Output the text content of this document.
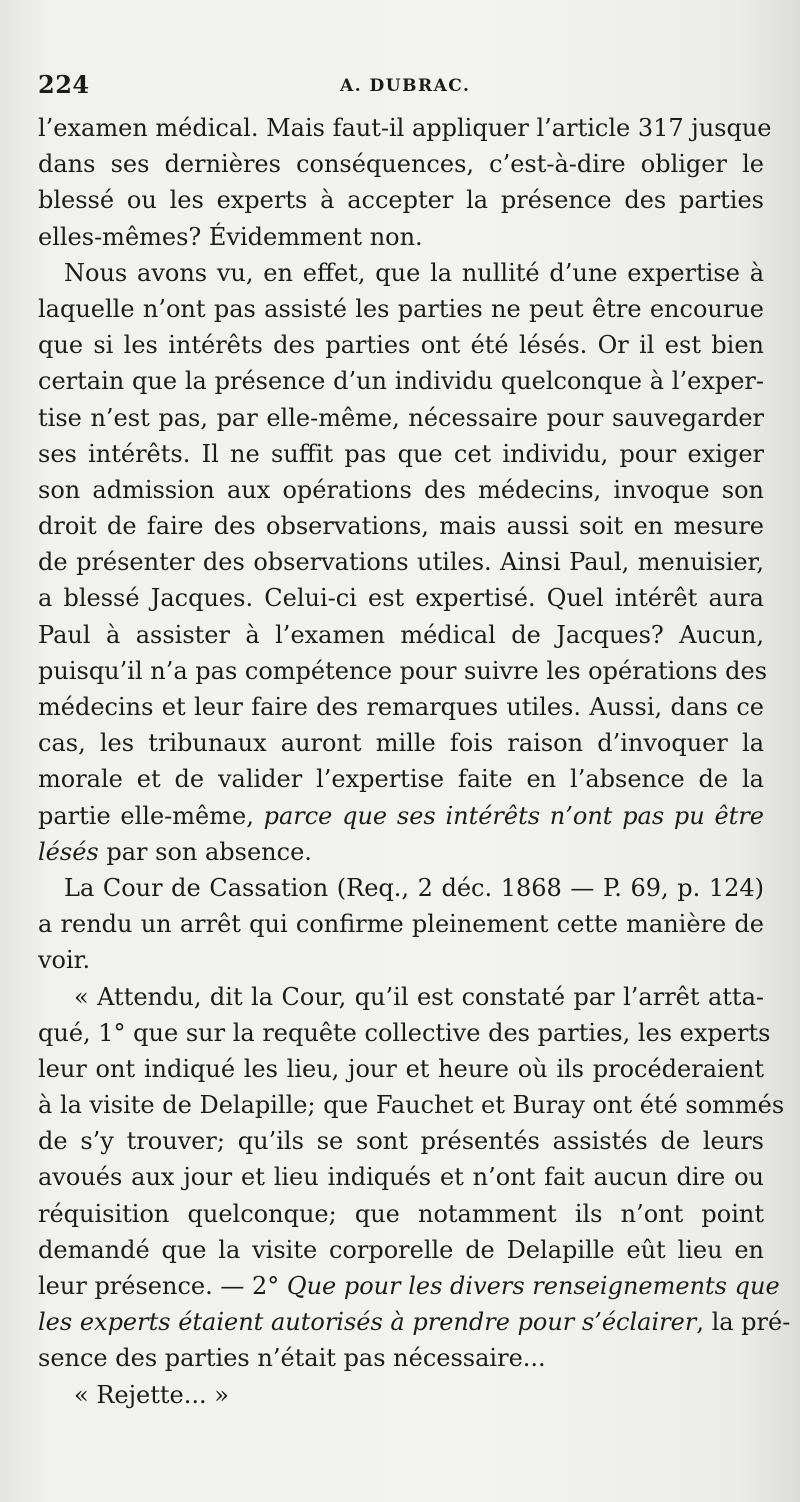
224	A. DUBRAC.
l’examen médical. Mais faut-il appliquer l’article 317 jusque
dans ses dernières conséquences, c’est-à-dire obliger le
blessé ou les experts à accepter la présence des parties
elles-mêmes? Évidemment non.
Nous avons vu, en effet, que la nullité d’une expertise à
laquelle n’ont pas assisté les parties ne peut être encourue
que si les intérêts des parties ont été lésés. Or il est bien
certain que la présence d’un individu quelconque à l’exper-
tise n’est pas, par elle-même, nécessaire pour sauvegarder
ses intérêts. Il ne suffit pas que cet individu, pour exiger
son admission aux opérations des médecins, invoque son
droit de faire des observations, mais aussi soit en mesure
de présenter des observations utiles. Ainsi Paul, menuisier,
a blessé Jacques. Celui-ci est expertisé. Quel intérêt aura
Paul à assister à l’examen médical de Jacques? Aucun,
puisqu’il n’a pas compétence pour suivre les opérations des
médecins et leur faire des remarques utiles. Aussi, dans ce
cas, les tribunaux auront mille fois raison d’invoquer la
morale et de valider l’expertise faite en l’absence de la
partie elle-même, parce que ses intérêts n’ont pas pu être
lésés par son absence.
La Cour de Cassation (Req., 2 déc. 1868 — P. 69, p. 124)
a rendu un arrêt qui confirme pleinement cette manière de
voir.
« Attendu, dit la Cour, qu’il est constaté par l’arrêt atta-
qué, 1° que sur la requête collective des parties, les experts
leur ont indiqué les lieu, jour et heure où ils procéderaient
à la visite de Delapille; que Fauchet et Buray ont été sommés
de s’y trouver; qu’ils se sont présentés assistés de leurs
avoués aux jour et lieu indiqués et n’ont fait aucun dire ou
réquisition quelconque; que notamment ils n’ont point
demandé que la visite corporelle de Delapille eût lieu en
leur présence. — 2° Que pour les divers renseignements que
les experts étaient autorisés à prendre pour s’éclairer, la pré-
sence des parties n’était pas nécessaire...
« Rejette... »
